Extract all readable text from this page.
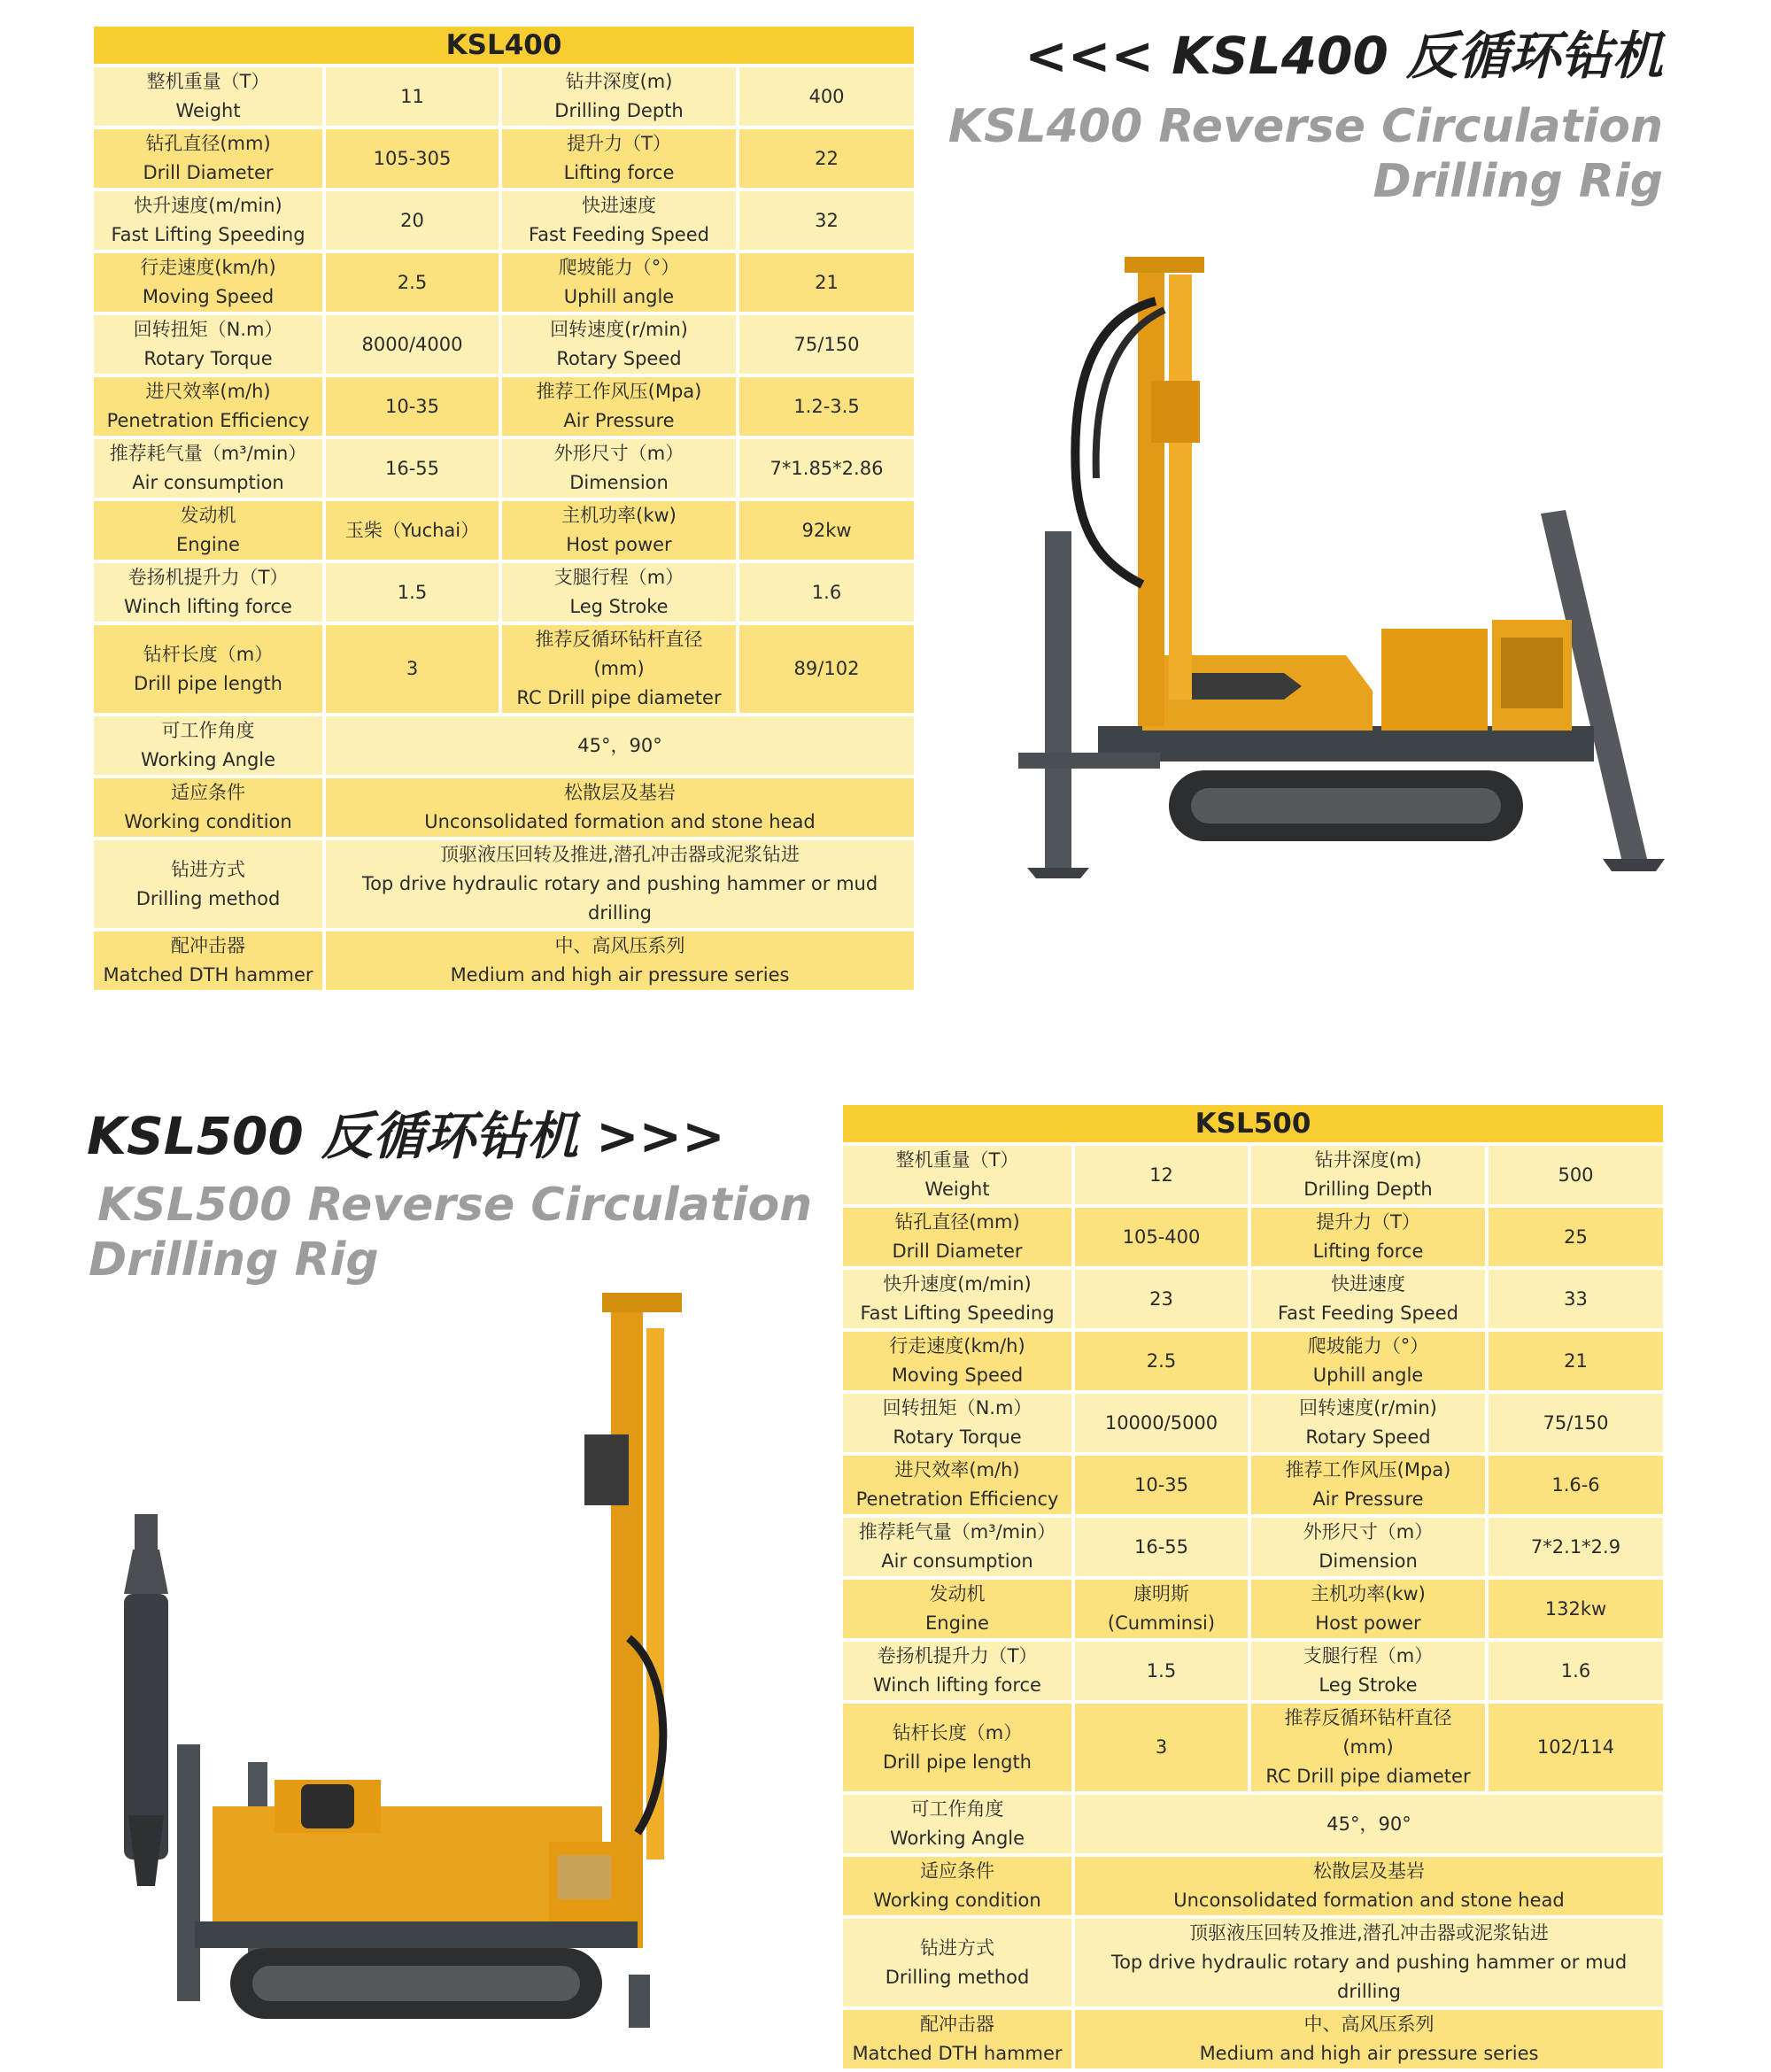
KSL400			

整机重量（T）
Weight	11	钻井深度(m)
Drilling Depth	400

钻孔直径(mm)
Drill Diameter	105-305	提升力（T）
Lifting force	22

快升速度(m/min)
Fast Lifting Speeding	20	快进速度
Fast Feeding Speed	32

行走速度(km/h)
Moving Speed	2.5	爬坡能力（°）
Uphill angle	21

回转扭矩（N.m）
Rotary Torque	8000/4000	回转速度(r/min)
Rotary Speed	75/150

进尺效率(m/h)
Penetration Efficiency	10-35	推荐工作风压(Mpa)
Air Pressure	1.2-3.5

推荐耗气量（m³/min）
Air consumption	16-55	外形尺寸（m）
Dimension	7*1.85*2.86

发动机
Engine	玉柴（Yuchai）	主机功率(kw)
Host power	92kw

卷扬机提升力（T）
Winch lifting force	1.5	支腿行程（m）
Leg Stroke	1.6

钻杆长度（m）
Drill pipe length	3	推荐反循环钻杆直径
(mm)
RC Drill pipe diameter	89/102

可工作角度
Working Angle	45°，90°		

适应条件
Working condition	松散层及基岩
Unconsolidated formation and stone head		

钻进方式
Drilling method	顶驱液压回转及推进,潜孔冲击器或泥浆钻进
Top drive hydraulic rotary and pushing hammer or mud drilling		

配冲击器
Matched DTH hammer	中、高风压系列
Medium and high air pressure series		
<<< KSL400 反循环钻机
KSL400 Reverse Circulation
Drilling Rig
KSL500 反循环钻机 >>>
KSL500 Reverse Circulation
Drilling Rig
KSL500			

整机重量（T）
Weight	12	钻井深度(m)
Drilling Depth	500

钻孔直径(mm)
Drill Diameter	105-400	提升力（T）
Lifting force	25

快升速度(m/min)
Fast Lifting Speeding	23	快进速度
Fast Feeding Speed	33

行走速度(km/h)
Moving Speed	2.5	爬坡能力（°）
Uphill angle	21

回转扭矩（N.m）
Rotary Torque	10000/5000	回转速度(r/min)
Rotary Speed	75/150

进尺效率(m/h)
Penetration Efficiency	10-35	推荐工作风压(Mpa)
Air Pressure	1.6-6

推荐耗气量（m³/min）
Air consumption	16-55	外形尺寸（m）
Dimension	7*2.1*2.9

发动机
Engine	康明斯
(Cumminsi)	主机功率(kw)
Host power	132kw

卷扬机提升力（T）
Winch lifting force	1.5	支腿行程（m）
Leg Stroke	1.6

钻杆长度（m）
Drill pipe length	3	推荐反循环钻杆直径
(mm)
RC Drill pipe diameter	102/114

可工作角度
Working Angle	45°，90°		

适应条件
Working condition	松散层及基岩
Unconsolidated formation and stone head		

钻进方式
Drilling method	顶驱液压回转及推进,潜孔冲击器或泥浆钻进
Top drive hydraulic rotary and pushing hammer or mud drilling		

配冲击器
Matched DTH hammer	中、高风压系列
Medium and high air pressure series		
